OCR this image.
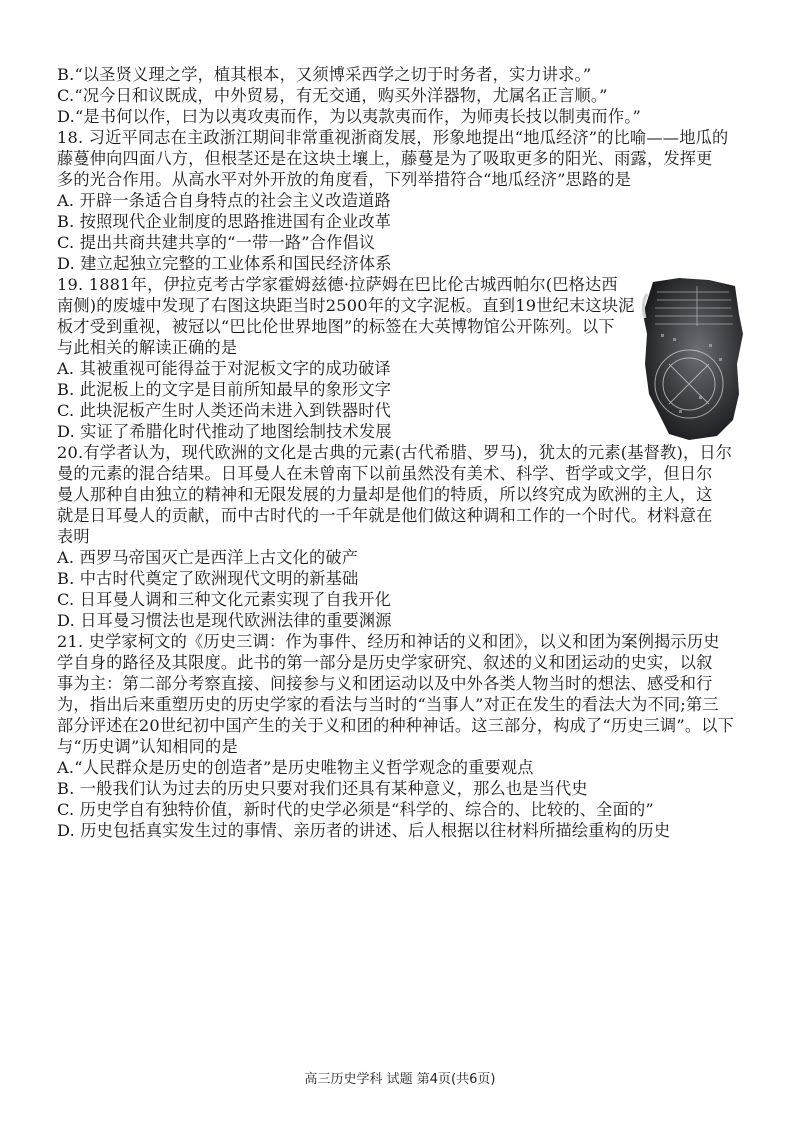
B.“以圣贤义理之学，植其根本，又须博采西学之切于时务者，实力讲求。”
C.“况今日和议既成，中外贸易，有无交通，购买外洋器物，尤属名正言顺。”
D.“是书何以作，曰为以夷攻夷而作，为以夷款夷而作，为师夷长技以制夷而作。”
18. 习近平同志在主政浙江期间非常重视浙商发展，形象地提出“地瓜经济”的比喻——地瓜的
藤蔓伸向四面八方，但根茎还是在这块土壤上，藤蔓是为了吸取更多的阳光、雨露，发挥更
多的光合作用。从高水平对外开放的角度看，下列举措符合“地瓜经济”思路的是
A. 开辟一条适合自身特点的社会主义改造道路
B. 按照现代企业制度的思路推进国有企业改革
C. 提出共商共建共享的“一带一路”合作倡议
D. 建立起独立完整的工业体系和国民经济体系
19. 1881年，伊拉克考古学家霍姆兹德·拉萨姆在巴比伦古城西帕尔(巴格达西
南侧)的废墟中发现了右图这块距当时2500年的文字泥板。直到19世纪末这块泥
板才受到重视，被冠以“巴比伦世界地图”的标签在大英博物馆公开陈列。以下
与此相关的解读正确的是
A. 其被重视可能得益于对泥板文字的成功破译
B. 此泥板上的文字是目前所知最早的象形文字
C. 此块泥板产生时人类还尚未进入到铁器时代
D. 实证了希腊化时代推动了地图绘制技术发展
20.有学者认为，现代欧洲的文化是古典的元素(古代希腊、罗马)，犹太的元素(基督教)，日尔
曼的元素的混合结果。日耳曼人在未曾南下以前虽然没有美术、科学、哲学或文学，但日尔
曼人那种自由独立的精神和无限发展的力量却是他们的特质，所以终究成为欧洲的主人，这
就是日耳曼人的贡献，而中古时代的一千年就是他们做这种调和工作的一个时代。材料意在
表明
A. 西罗马帝国灭亡是西洋上古文化的破产
B. 中古时代奠定了欧洲现代文明的新基础
C. 日耳曼人调和三种文化元素实现了自我开化
D. 日耳曼习惯法也是现代欧洲法律的重要渊源
21. 史学家柯文的《历史三调：作为事件、经历和神话的义和团》，以义和团为案例揭示历史
学自身的路径及其限度。此书的第一部分是历史学家研究、叙述的义和团运动的史实，以叙
事为主：第二部分考察直接、间接参与义和团运动以及中外各类人物当时的想法、感受和行
为，指出后来重塑历史的历史学家的看法与当时的“当事人”对正在发生的看法大为不同;第三
部分评述在20世纪初中国产生的关于义和团的种种神话。这三部分，构成了“历史三调”。以下
与“历史调”认知相同的是
A.“人民群众是历史的创造者”是历史唯物主义哲学观念的重要观点
B. 一般我们认为过去的历史只要对我们还具有某种意义，那么也是当代史
C. 历史学自有独特价值，新时代的史学必须是“科学的、综合的、比较的、全面的”
D. 历史包括真实发生过的事情、亲历者的讲述、后人根据以往材料所描绘重构的历史
高三历史学科 试题 第4页(共6页)
